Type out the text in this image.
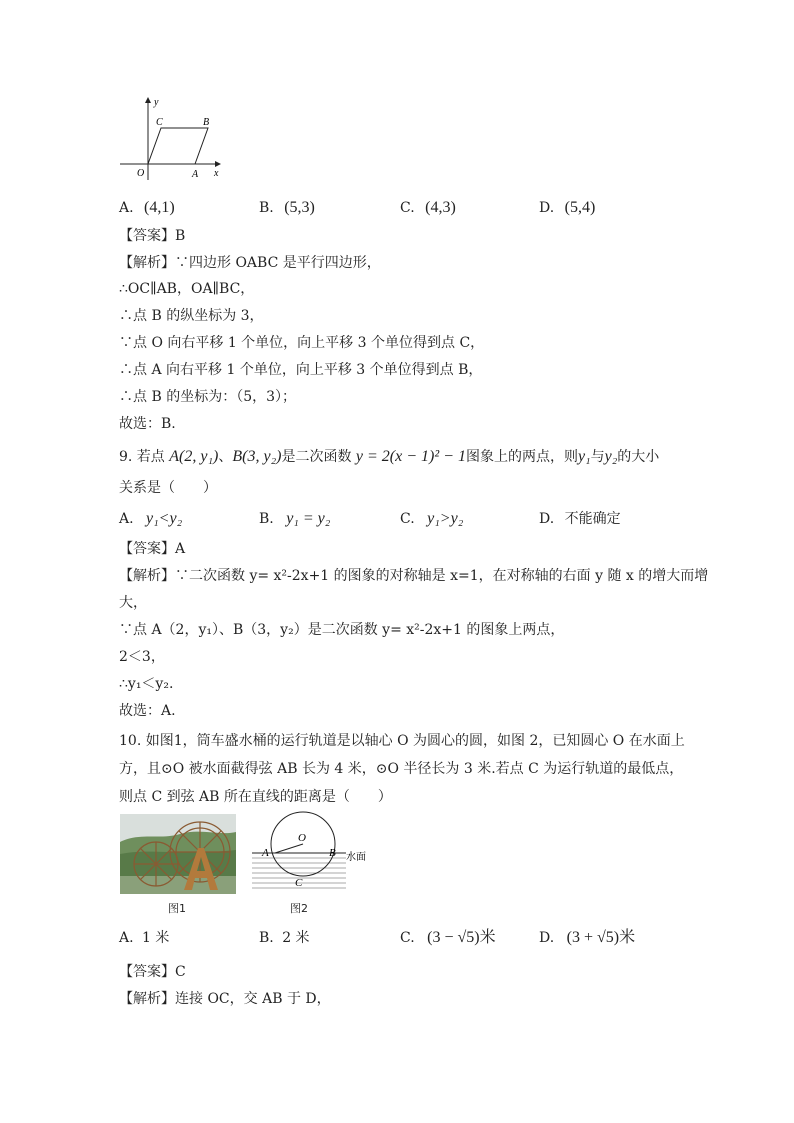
y
x
O	A
B
C
A. (4,1)	B. (5,3)	C. (4,3)	D. (5,4)
【答案】B
【解析】∵四边形 OABC 是平行四边形，
∴OC∥AB，OA∥BC，
∴点 B 的纵坐标为 3，
∵点 O 向右平移 1 个单位，向上平移 3 个单位得到点 C，
∴点 A 向右平移 1 个单位，向上平移 3 个单位得到点 B，
∴点 B 的坐标为：（5，3）；
故选：B.
9. 若点 A(2, y₁)、B(3, y₂)是二次函数 y = 2(x − 1)² − 1图象上的两点，则y₁与y₂的大小
关系是（　　）
A. y₁<y₂	B. y₁ = y₂	C. y₁>y₂	D. 不能确定
【答案】A
【解析】∵二次函数 y= x²-2x+1 的图象的对称轴是 x=1，在对称轴的右面 y 随 x 的增大而增
大，
∵点 A（2，y₁）、B（3，y₂）是二次函数 y= x²-2x+1 的图象上两点，
2＜3，
∴y₁＜y₂.
故选：A.
10. 如图1，筒车盛水桶的运行轨道是以轴心 O 为圆心的圆，如图 2，已知圆心 O 在水面上
方，且⊙O 被水面截得弦 AB 长为 4 米，⊙O 半径长为 3 米.若点 C 为运行轨道的最低点，
则点 C 到弦 AB 所在直线的距离是（　　）
图1
O
A	B
C
水面
图2
A. 1 米	B. 2 米	C. (3 − √5)米	D. (3 + √5)米
【答案】C
【解析】连接 OC，交 AB 于 D，
